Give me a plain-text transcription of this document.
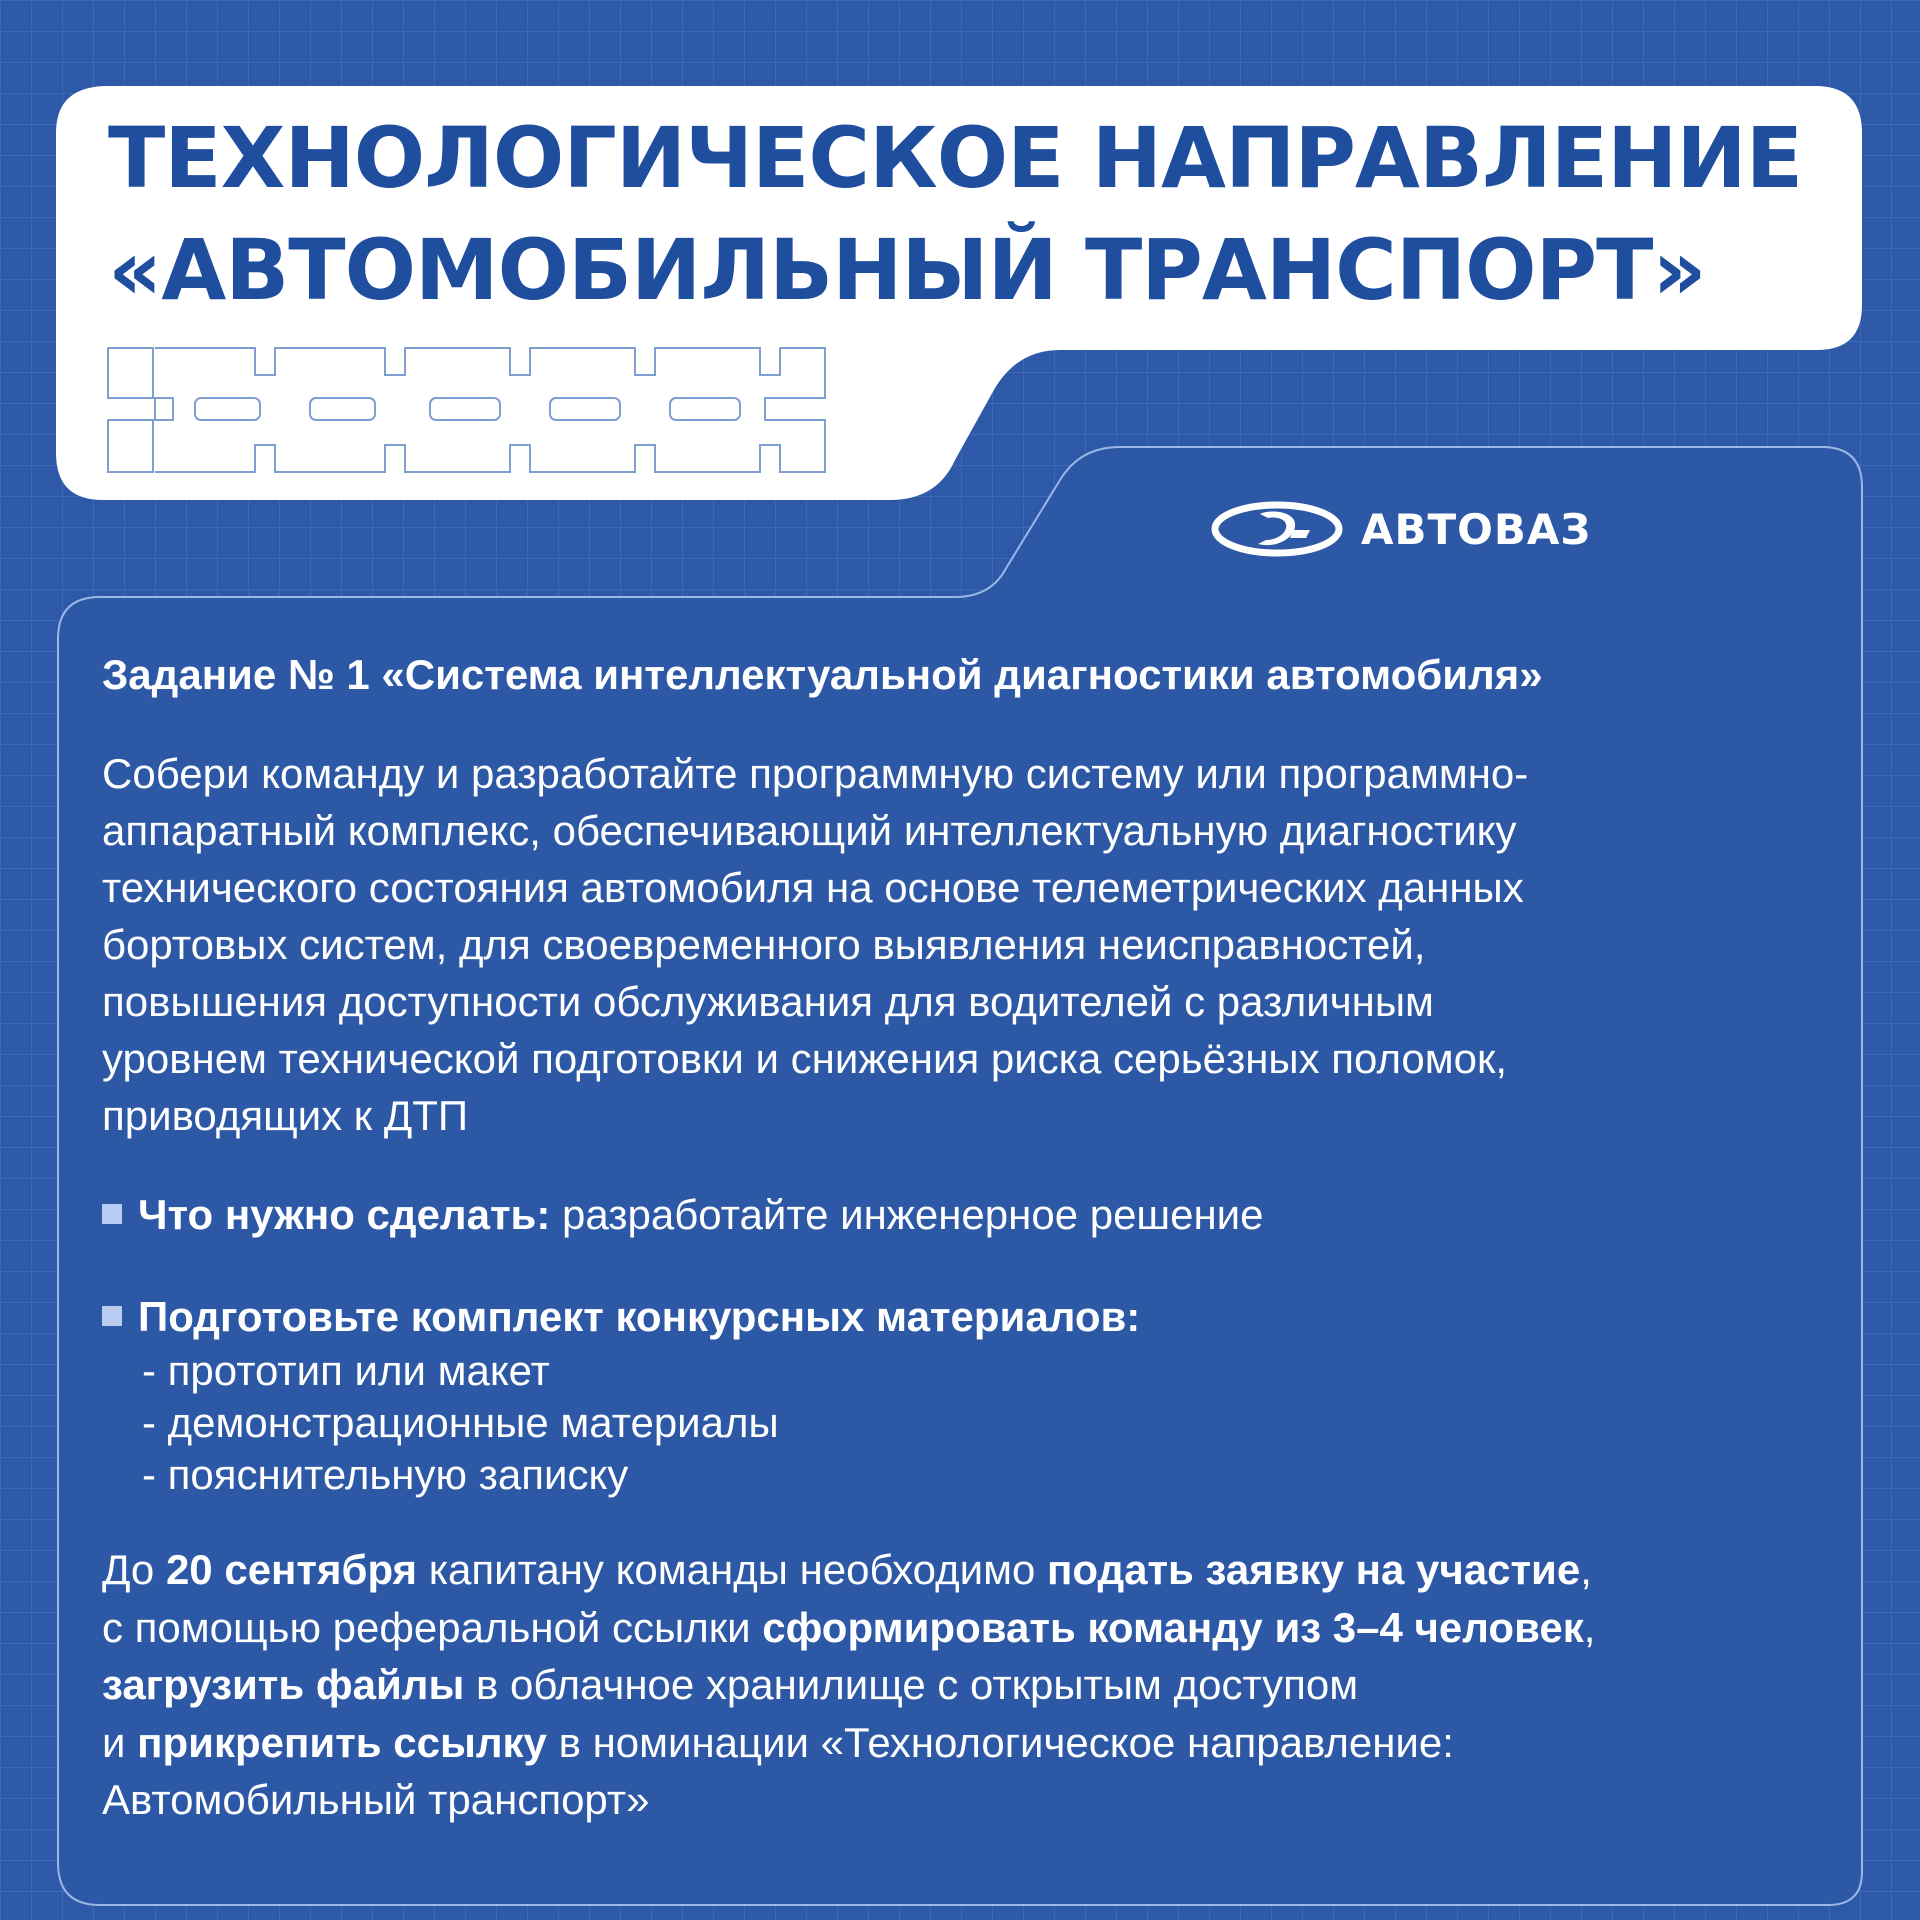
ТЕХНОЛОГИЧЕСКОЕ НАПРАВЛЕНИЕ
«АВТОМОБИЛЬНЫЙ ТРАНСПОРТ»
АВТОВАЗ

Задание № 1 «Система интеллектуальной диагностики автомобиля»

Собери команду и разработайте программную систему или программно-
аппаратный комплекс, обеспечивающий интеллектуальную диагностику
технического состояния автомобиля на основе телеметрических данных
бортовых систем, для своевременного выявления неисправностей,
повышения доступности обслуживания для водителей с различным
уровнем технической подготовки и снижения риска серьёзных поломок,
приводящих к ДТП

Что нужно сделать: разработайте инженерное решение
Подготовьте комплект конкурсных материалов:
- прототип или макет
- демонстрационные материалы
- пояснительную записку
До 20 сентября капитану команды необходимо подать заявку на участие,
с помощью реферальной ссылки сформировать команду из 3–4 человек,
загрузить файлы в облачное хранилище с открытым доступом
и прикрепить ссылку в номинации «Технологическое направление:
Автомобильный транспорт»
